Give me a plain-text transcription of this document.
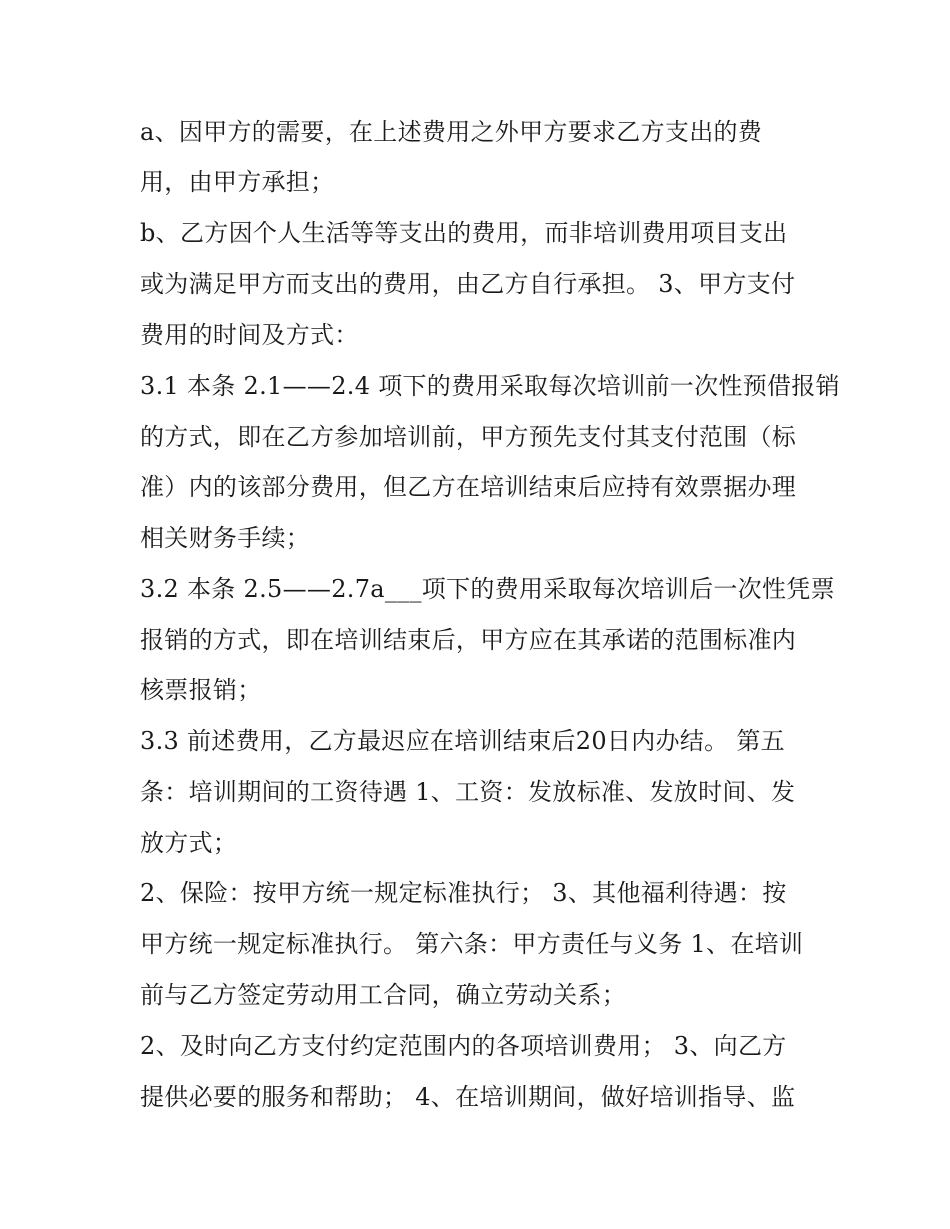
a、因甲方的需要，在上述费用之外甲方要求乙方支出的费
用，由甲方承担；
b、乙方因个人生活等等支出的费用，而非培训费用项目支出
或为满足甲方而支出的费用，由乙方自行承担。 3、甲方支付
费用的时间及方式：
3.1 本条 2.1——2.4 项下的费用采取每次培训前一次性预借报销
的方式，即在乙方参加培训前，甲方预先支付其支付范围（标
准）内的该部分费用，但乙方在培训结束后应持有效票据办理
相关财务手续；
3.2 本条 2.5——2.7a___项下的费用采取每次培训后一次性凭票
报销的方式，即在培训结束后，甲方应在其承诺的范围标准内
核票报销；
3.3 前述费用，乙方最迟应在培训结束后20日内办结。 第五
条：培训期间的工资待遇 1、工资：发放标准、发放时间、发
放方式；
2、保险：按甲方统一规定标准执行； 3、其他福利待遇：按
甲方统一规定标准执行。 第六条：甲方责任与义务 1、在培训
前与乙方签定劳动用工合同，确立劳动关系；
2、及时向乙方支付约定范围内的各项培训费用； 3、向乙方
提供必要的服务和帮助； 4、在培训期间，做好培训指导、监
